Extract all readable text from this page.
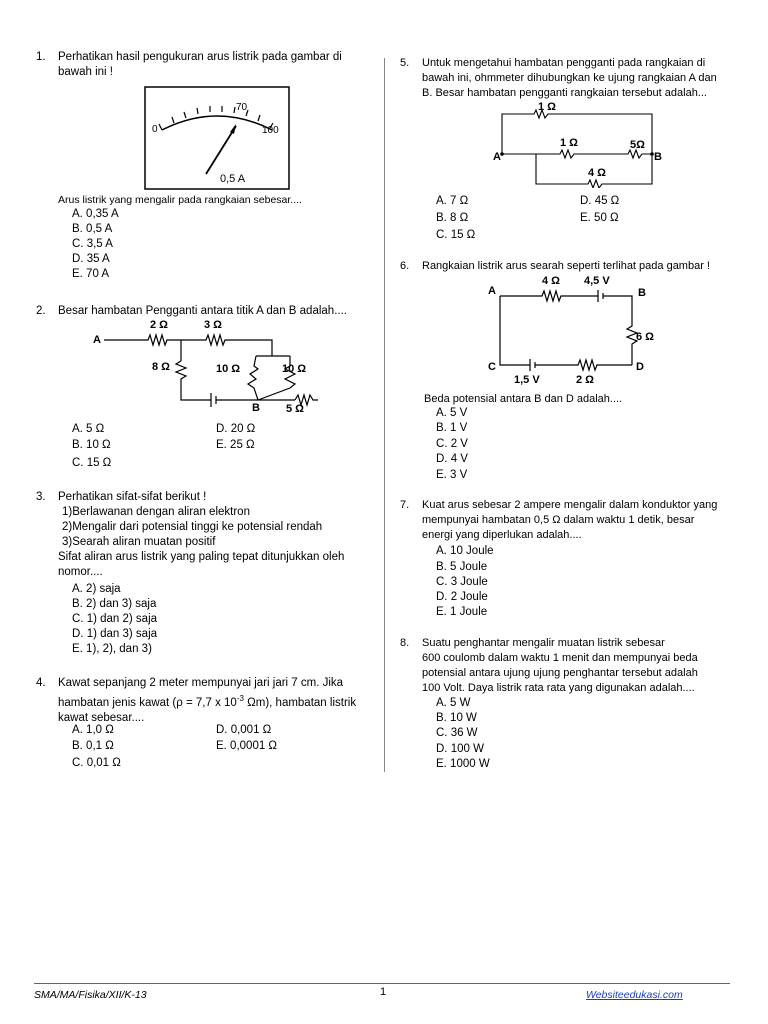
1.	Perhatikan hasil pengukuran arus listrik pada gambar di
bawah ini !
0
70
100
0,5 A
Arus listrik yang mengalir pada rangkaian sebesar....
A. 0,35 A
B. 0,5 A
C. 3,5 A
D. 35 A
E. 70 A
2.	Besar hambatan Pengganti antara titik A dan B adalah....
A
2 Ω	3 Ω
8 Ω	10 Ω	10 Ω
B 5 Ω
A. 5 Ω
B. 10 Ω
C. 15 Ω
D. 20 Ω
E. 25 Ω
3.	Perhatikan sifat-sifat berikut !
1)Berlawanan dengan aliran elektron
2)Mengalir dari potensial tinggi ke potensial rendah
3)Searah aliran muatan positif
Sifat aliran arus listrik yang paling tepat ditunjukkan oleh
nomor....
A. 2) saja
B. 2) dan 3) saja
C. 1) dan 2) saja
D. 1) dan 3) saja
E. 1), 2), dan 3)
4.	Kawat sepanjang 2 meter mempunyai jari jari 7 cm. Jika
hambatan jenis kawat (ρ = 7,7 x $10^{-3}$ Ωm), hambatan listrik
kawat sebesar....
A. 1,0 Ω
B. 0,1 Ω
C. 0,01 Ω
D. 0,001 Ω
E. 0,0001 Ω
5.	Untuk mengetahui hambatan pengganti pada rangkaian di
bawah ini, ohmmeter dihubungkan ke ujung rangkaian A dan
B. Besar hambatan pengganti rangkaian tersebut adalah...
A	B
1 Ω
1 Ω	5Ω
4 Ω
A. 7 Ω
B. 8 Ω
C. 15 Ω
D. 45 Ω
E. 50 Ω
6.	Rangkaian listrik arus searah seperti terlihat pada gambar !
A	B
C	D
4 Ω 4,5 V
6 Ω
1,5 V	2 Ω
Beda potensial antara B dan D adalah....
A. 5 V
B. 1 V
C. 2 V
D. 4 V
E. 3 V
7.	Kuat arus sebesar 2 ampere mengalir dalam konduktor yang
mempunyai hambatan 0,5 Ω dalam waktu 1 detik, besar
energi yang diperlukan adalah....
A. 10 Joule
B. 5 Joule
C. 3 Joule
D. 2 Joule
E. 1 Joule
8.	Suatu penghantar mengalir muatan listrik sebesar
600 coulomb dalam waktu 1 menit dan mempunyai beda
potensial antara ujung ujung penghantar tersebut adalah
100 Volt. Daya listrik rata rata yang digunakan adalah....
A. 5 W
B. 10 W
C. 36 W
D. 100 W
E. 1000 W
SMA/MA/Fisika/XII/K-13	1	Websiteedukasi.com
